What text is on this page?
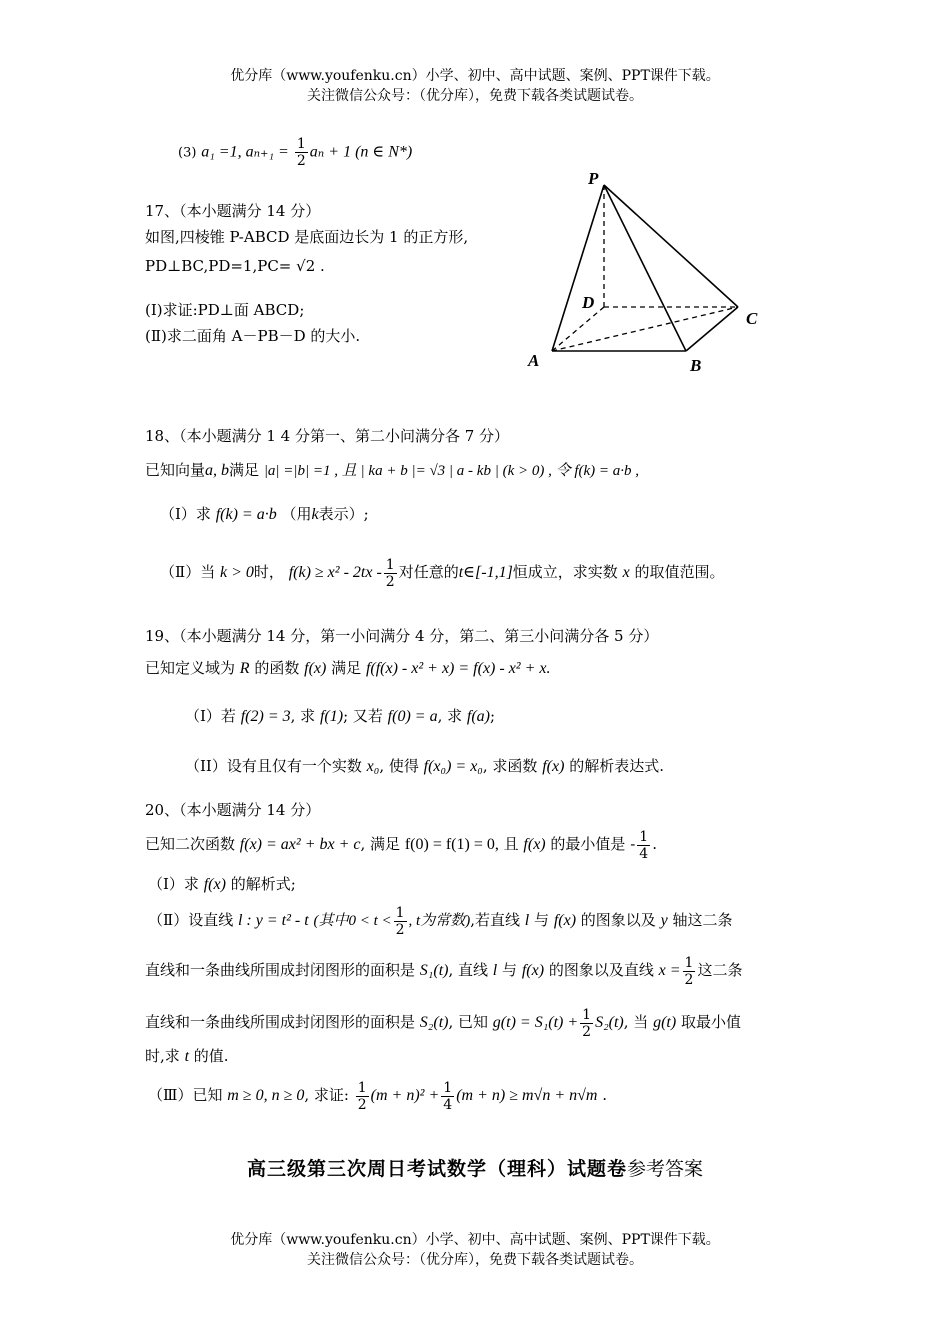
优分库（www.youfenku.cn）小学、初中、高中试题、案例、PPT课件下载。
关注微信公众号：（优分库），免费下载各类试题试卷。
(3) a₁ =1, $a_{n+1} = \frac{1}{2}$ aₙ + 1 (n ∈ N*)
17、（本小题满分 14 分）
如图,四棱锥 P-ABCD 是底面边长为 1 的正方形,
PD⊥BC,PD=1,PC= √2 .
(Ⅰ)求证:PD⊥面 ABCD;
(Ⅱ)求二面角 A－PB－D 的大小.
P
D
C
A	B
18、（本小题满分 1 4 分第一、第二小问满分各 7 分）
已知向量a, b满足 |a| =|b| =1 , 且 | ka + b |= √3 | a - kb | (k > 0) , 令 f(k) = a·b ,
（Ⅰ）求 f(k) = a·b （用k表示）;
（Ⅱ）当 k > 0时， $f(k) \ge x^2 - 2tx - \frac{1}{2}$ 对任意的t∈[-1,1]恒成立，求实数 x 的取值范围。
19、（本小题满分 14 分，第一小问满分 4 分，第二、第三小问满分各 5 分）
已知定义域为 R 的函数 f(x) 满足 f(f(x) - x² + x) = f(x) - x² + x.
（I）若 f(2) = 3, 求 f(1); 又若 f(0) = a, 求 f(a);
（II）设有且仅有一个实数 x₀, 使得 f(x₀) = x₀, 求函数 f(x) 的解析表达式.
20、（本小题满分 14 分）
已知二次函数 f(x) = ax² + bx + c, 满足 f(0) = f(1) = 0, 且 f(x) 的最小值是 - $\frac{1}{4}$ .
（Ⅰ）求 f(x) 的解析式;
（Ⅱ）设直线 l : y = t² - t (其中$0 < t < \frac{1}{2}$ , t为常数),若直线 l 与 f(x) 的图象以及 y 轴这二条
直线和一条曲线所围成封闭图形的面积是 S₁(t), 直线 l 与 f(x) 的图象以及直线 $x = \frac{1}{2}$ 这二条
直线和一条曲线所围成封闭图形的面积是 S₂(t), 已知 $g(t) = S_1(t) + \frac{1}{2} S_2(t)$, 当 g(t) 取最小值
时,求 t 的值.
（Ⅲ）已知 m ≥ 0, n ≥ 0, 求证: $\frac{1}{2} (m + n)^2 + \frac{1}{4} (m + n) \ge m√n + n√m$ .
高三级第三次周日考试数学（理科）试题卷参考答案
优分库（www.youfenku.cn）小学、初中、高中试题、案例、PPT课件下载。
关注微信公众号：（优分库），免费下载各类试题试卷。
